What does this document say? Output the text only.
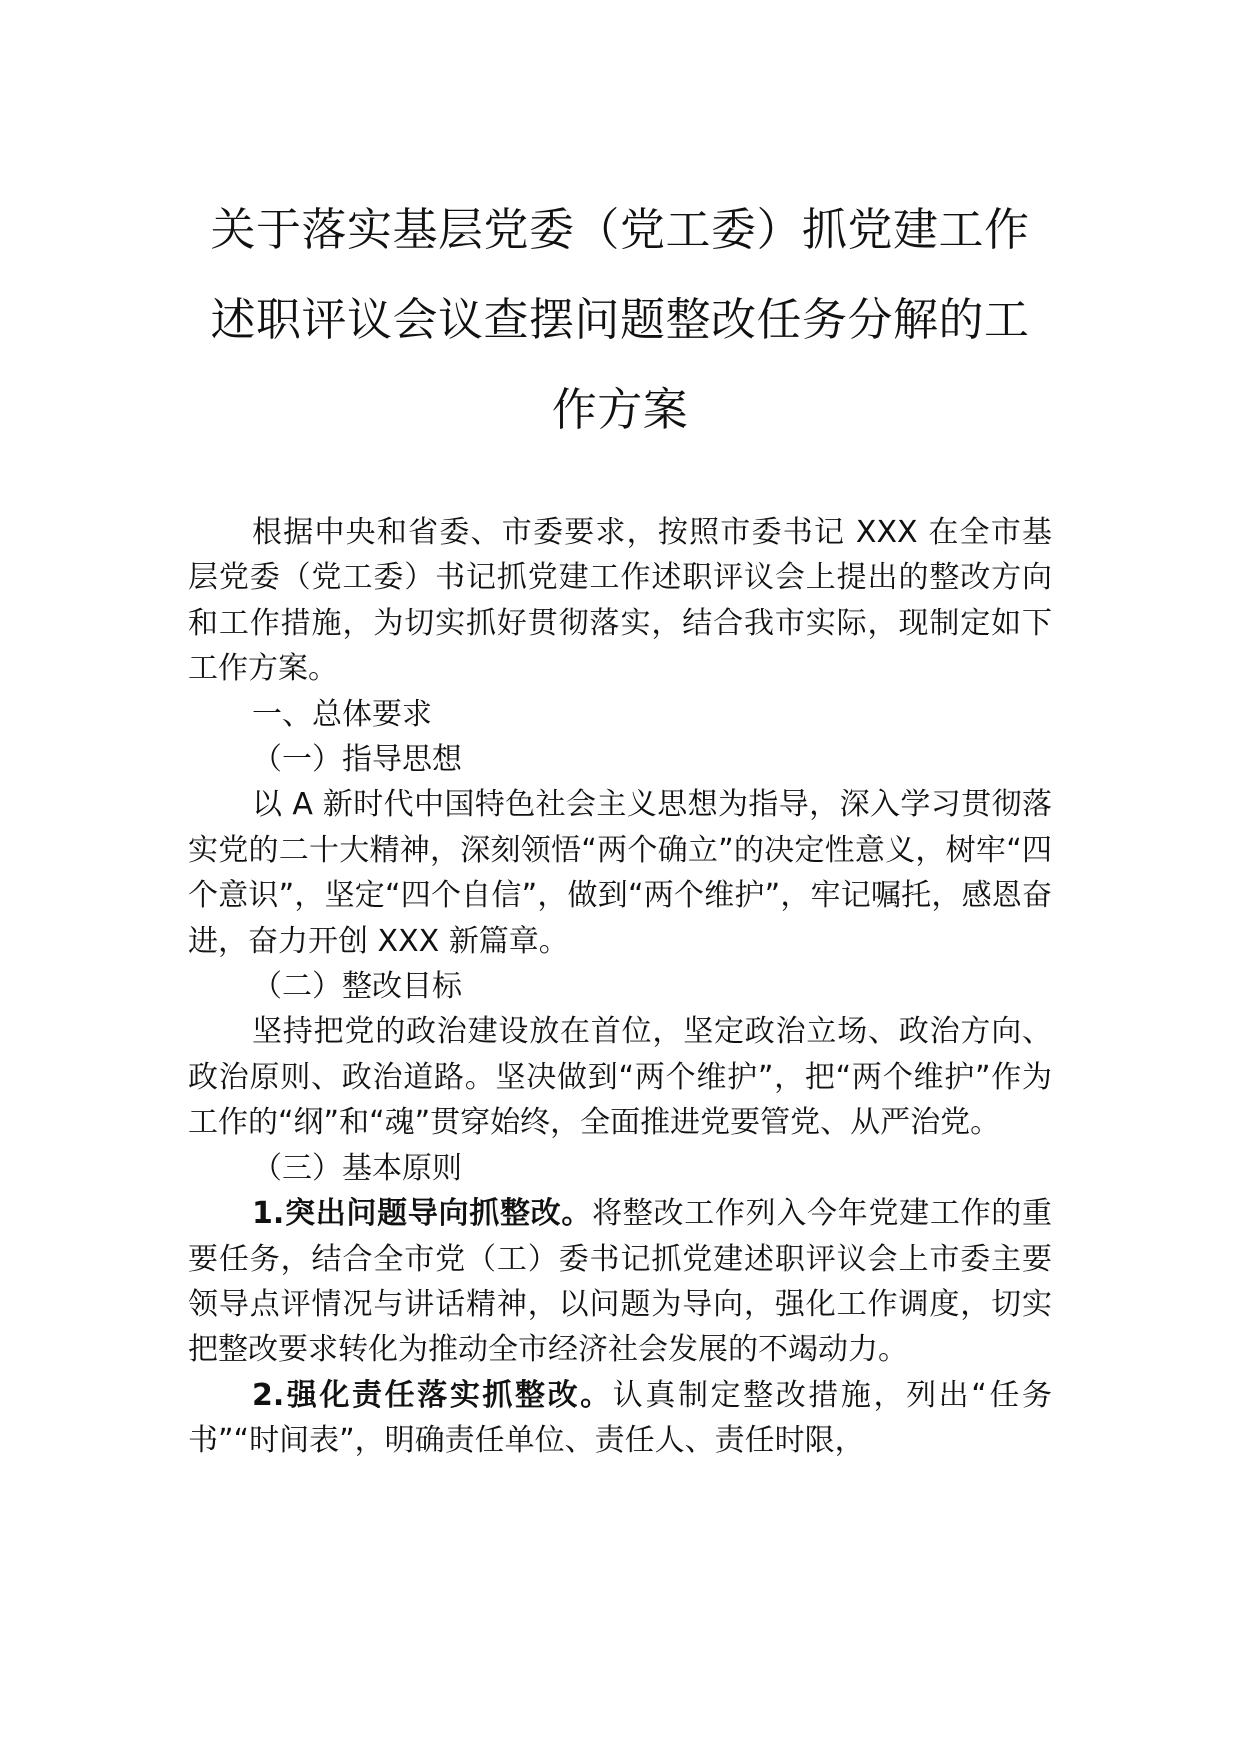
关于落实基层党委（党工委）抓党建工作
述职评议会议查摆问题整改任务分解的工
作方案

根据中央和省委、市委要求，按照市委书记 XXX 在全市基层党委（党工委）书记抓党建工作述职评议会上提出的整改方向和工作措施，为切实抓好贯彻落实，结合我市实际，现制定如下工作方案。

一、总体要求

（一）指导思想

以 A 新时代中国特色社会主义思想为指导，深入学习贯彻落实党的二十大精神，深刻领悟“两个确立”的决定性意义，树牢“四个意识”，坚定“四个自信”，做到“两个维护”，牢记嘱托，感恩奋进，奋力开创 XXX 新篇章。

（二）整改目标

坚持把党的政治建设放在首位，坚定政治立场、政治方向、政治原则、政治道路。坚决做到“两个维护”，把“两个维护”作为工作的“纲”和“魂”贯穿始终，全面推进党要管党、从严治党。

（三）基本原则

1.突出问题导向抓整改。将整改工作列入今年党建工作的重要任务，结合全市党（工）委书记抓党建述职评议会上市委主要领导点评情况与讲话精神，以问题为导向，强化工作调度，切实把整改要求转化为推动全市经济社会发展的不竭动力。

2.强化责任落实抓整改。认真制定整改措施，列出“任务书”“时间表”，明确责任单位、责任人、责任时限，
